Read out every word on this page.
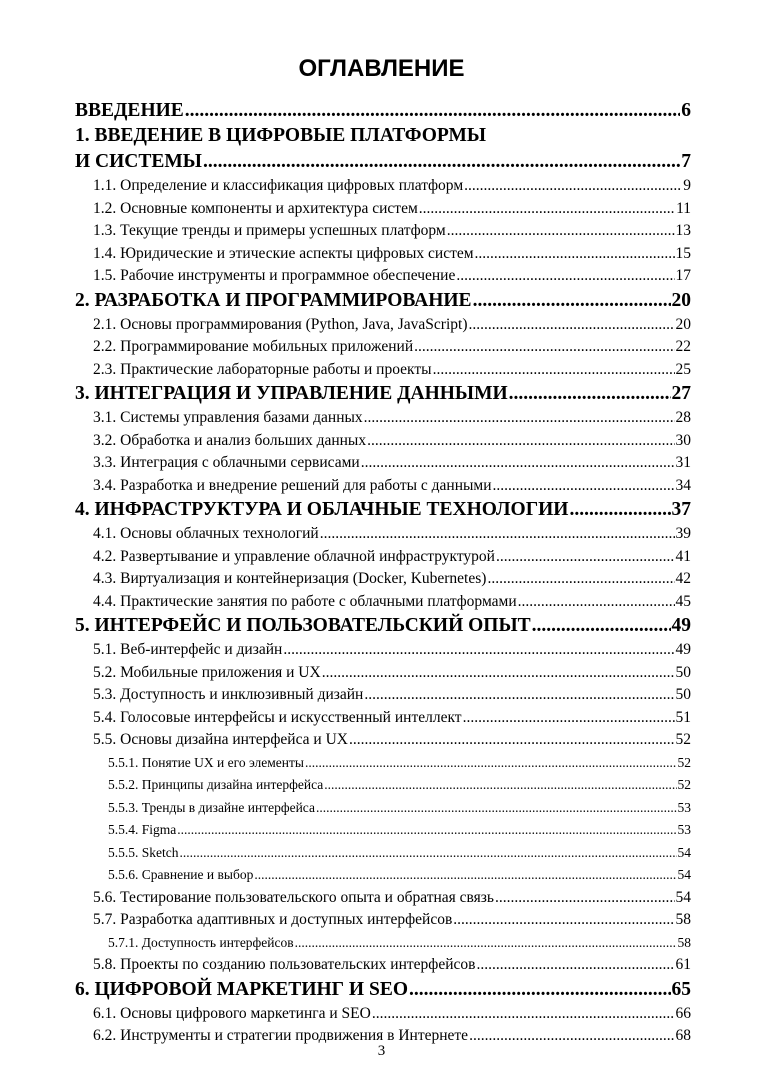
ОГЛАВЛЕНИЕ
ВВЕДЕНИЕ .....	6
1. ВВЕДЕНИЕ В ЦИФРОВЫЕ ПЛАТФОРМЫ
И СИСТЕМЫ .....	7
1.1. Определение и классификация цифровых платформ .....	9
1.2. Основные компоненты и архитектура систем .....	11
1.3. Текущие тренды и примеры успешных платформ .....	13
1.4. Юридические и этические аспекты цифровых систем .....	15
1.5. Рабочие инструменты и программное обеспечение .....	17
2. РАЗРАБОТКА И ПРОГРАММИРОВАНИЕ .....	20
2.1. Основы программирования (Python, Java, JavaScript) .....	20
2.2. Программирование мобильных приложений .....	22
2.3. Практические лабораторные работы и проекты .....	25
3. ИНТЕГРАЦИЯ И УПРАВЛЕНИЕ ДАННЫМИ .....	27
3.1. Системы управления базами данных .....	28
3.2. Обработка и анализ больших данных .....	30
3.3. Интеграция с облачными сервисами .....	31
3.4. Разработка и внедрение решений для работы с данными .....	34
4. ИНФРАСТРУКТУРА И ОБЛАЧНЫЕ ТЕХНОЛОГИИ .....	37
4.1. Основы облачных технологий .....	39
4.2. Развертывание и управление облачной инфраструктурой .....	41
4.3. Виртуализация и контейнеризация (Docker, Kubernetes) .....	42
4.4. Практические занятия по работе с облачными платформами .....	45
5. ИНТЕРФЕЙС И ПОЛЬЗОВАТЕЛЬСКИЙ ОПЫТ .....	49
5.1. Веб-интерфейс и дизайн .....	49
5.2. Мобильные приложения и UX .....	50
5.3. Доступность и инклюзивный дизайн .....	50
5.4. Голосовые интерфейсы и искусственный интеллект .....	51
5.5. Основы дизайна интерфейса и UX .....	52
5.5.1. Понятие UX и его элементы .....	52
5.5.2. Принципы дизайна интерфейса .....	52
5.5.3. Тренды в дизайне интерфейса .....	53
5.5.4. Figma .....	53
5.5.5. Sketch .....	54
5.5.6. Сравнение и выбор .....	54
5.6. Тестирование пользовательского опыта и обратная связь .....	54
5.7. Разработка адаптивных и доступных интерфейсов .....	58
5.7.1. Доступность интерфейсов .....	58
5.8. Проекты по созданию пользовательских интерфейсов .....	61
6. ЦИФРОВОЙ МАРКЕТИНГ И SEO .....	65
6.1. Основы цифрового маркетинга и SEO .....	66
6.2. Инструменты и стратегии продвижения в Интернете .....	68
3
